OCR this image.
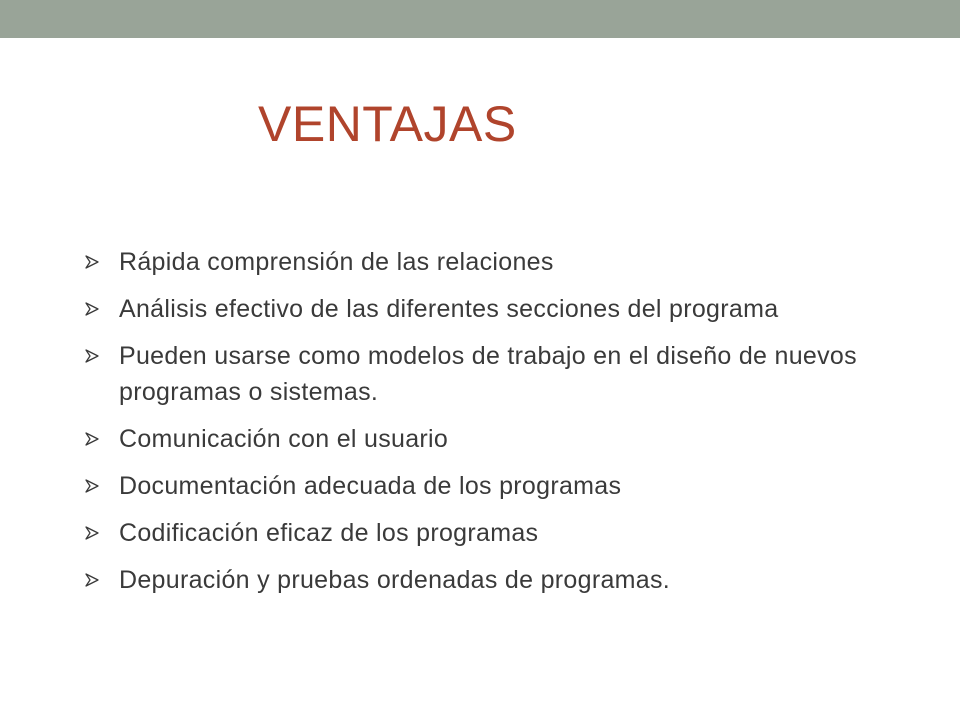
VENTAJAS
Rápida comprensión de las relaciones
Análisis efectivo de las diferentes secciones del programa
Pueden usarse como modelos de trabajo en el diseño de nuevos programas o sistemas.
Comunicación con el usuario
Documentación adecuada de los programas
Codificación eficaz de los programas
Depuración y pruebas ordenadas de programas.
